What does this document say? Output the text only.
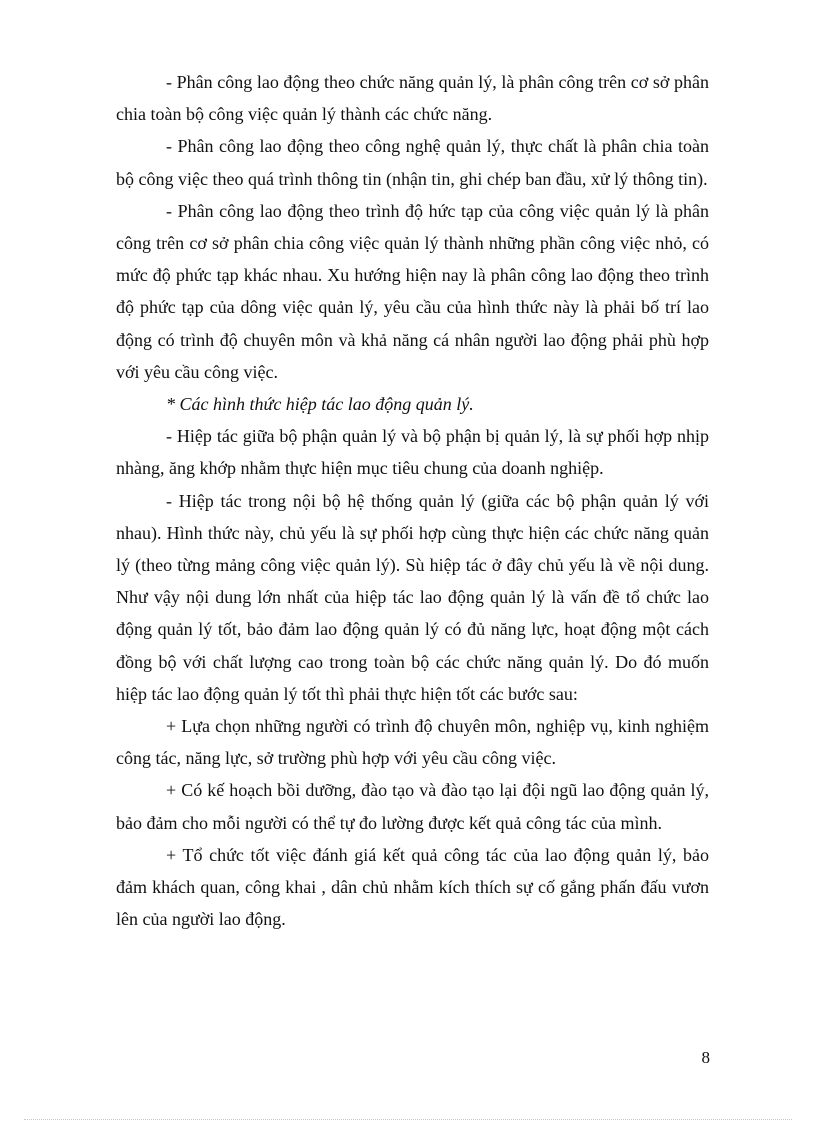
- Phân công lao động theo chức năng quản lý, là phân công trên cơ sở phân chia toàn bộ công việc quản lý thành các chức năng.

- Phân công lao động theo công nghệ quản lý, thực chất là phân chia toàn bộ công việc theo quá trình thông tin (nhận tin, ghi chép ban đầu, xử lý thông tin).

- Phân công lao động theo trình độ hức tạp của công việc quản lý là phân công trên cơ sở phân chia công việc quản lý thành những phần công việc nhỏ, có mức độ phức tạp khác nhau. Xu hướng hiện nay là phân công lao động theo trình độ phức tạp của dông việc quản lý, yêu cầu của hình thức này là phải bố trí lao động có trình độ chuyên môn và khả năng cá nhân người lao động phải phù hợp với yêu cầu công việc.

* Các hình thức hiệp tác lao động quản lý.

- Hiệp tác giữa bộ phận quản lý và bộ phận bị quản lý, là sự phối hợp nhịp nhàng, ăng khớp nhằm thực hiện mục tiêu chung của doanh nghiệp.

- Hiệp tác trong nội bộ hệ thống quản lý (giữa các bộ phận quản lý với nhau). Hình thức này, chủ yếu là sự phối hợp cùng thực hiện các chức năng quản lý (theo từng mảng công việc quản lý). Sù hiệp tác ở đây chủ yếu là về nội dung. Như vậy nội dung lớn nhất của hiệp tác lao động quản lý là vấn đề tổ chức lao động quản lý tốt, bảo đảm lao động quản lý có đủ năng lực, hoạt động một cách đồng bộ với chất lượng cao trong toàn bộ các chức năng quản lý. Do đó muốn hiệp tác lao động quản lý tốt thì phải thực hiện tốt các bước sau:

+ Lựa chọn những người có trình độ chuyên môn, nghiệp vụ, kinh nghiệm công tác, năng lực, sở trường phù hợp với yêu cầu công việc.

+ Có kế hoạch bồi dưỡng, đào tạo và đào tạo lại đội ngũ lao động quản lý, bảo đảm cho mỗi người có thể tự đo lường được kết quả công tác của mình.

+ Tổ chức tốt việc đánh giá kết quả công tác của lao động quản lý, bảo đảm khách quan, công khai , dân chủ nhằm kích thích sự cố gắng phấn đấu vươn lên của người lao động.

8
